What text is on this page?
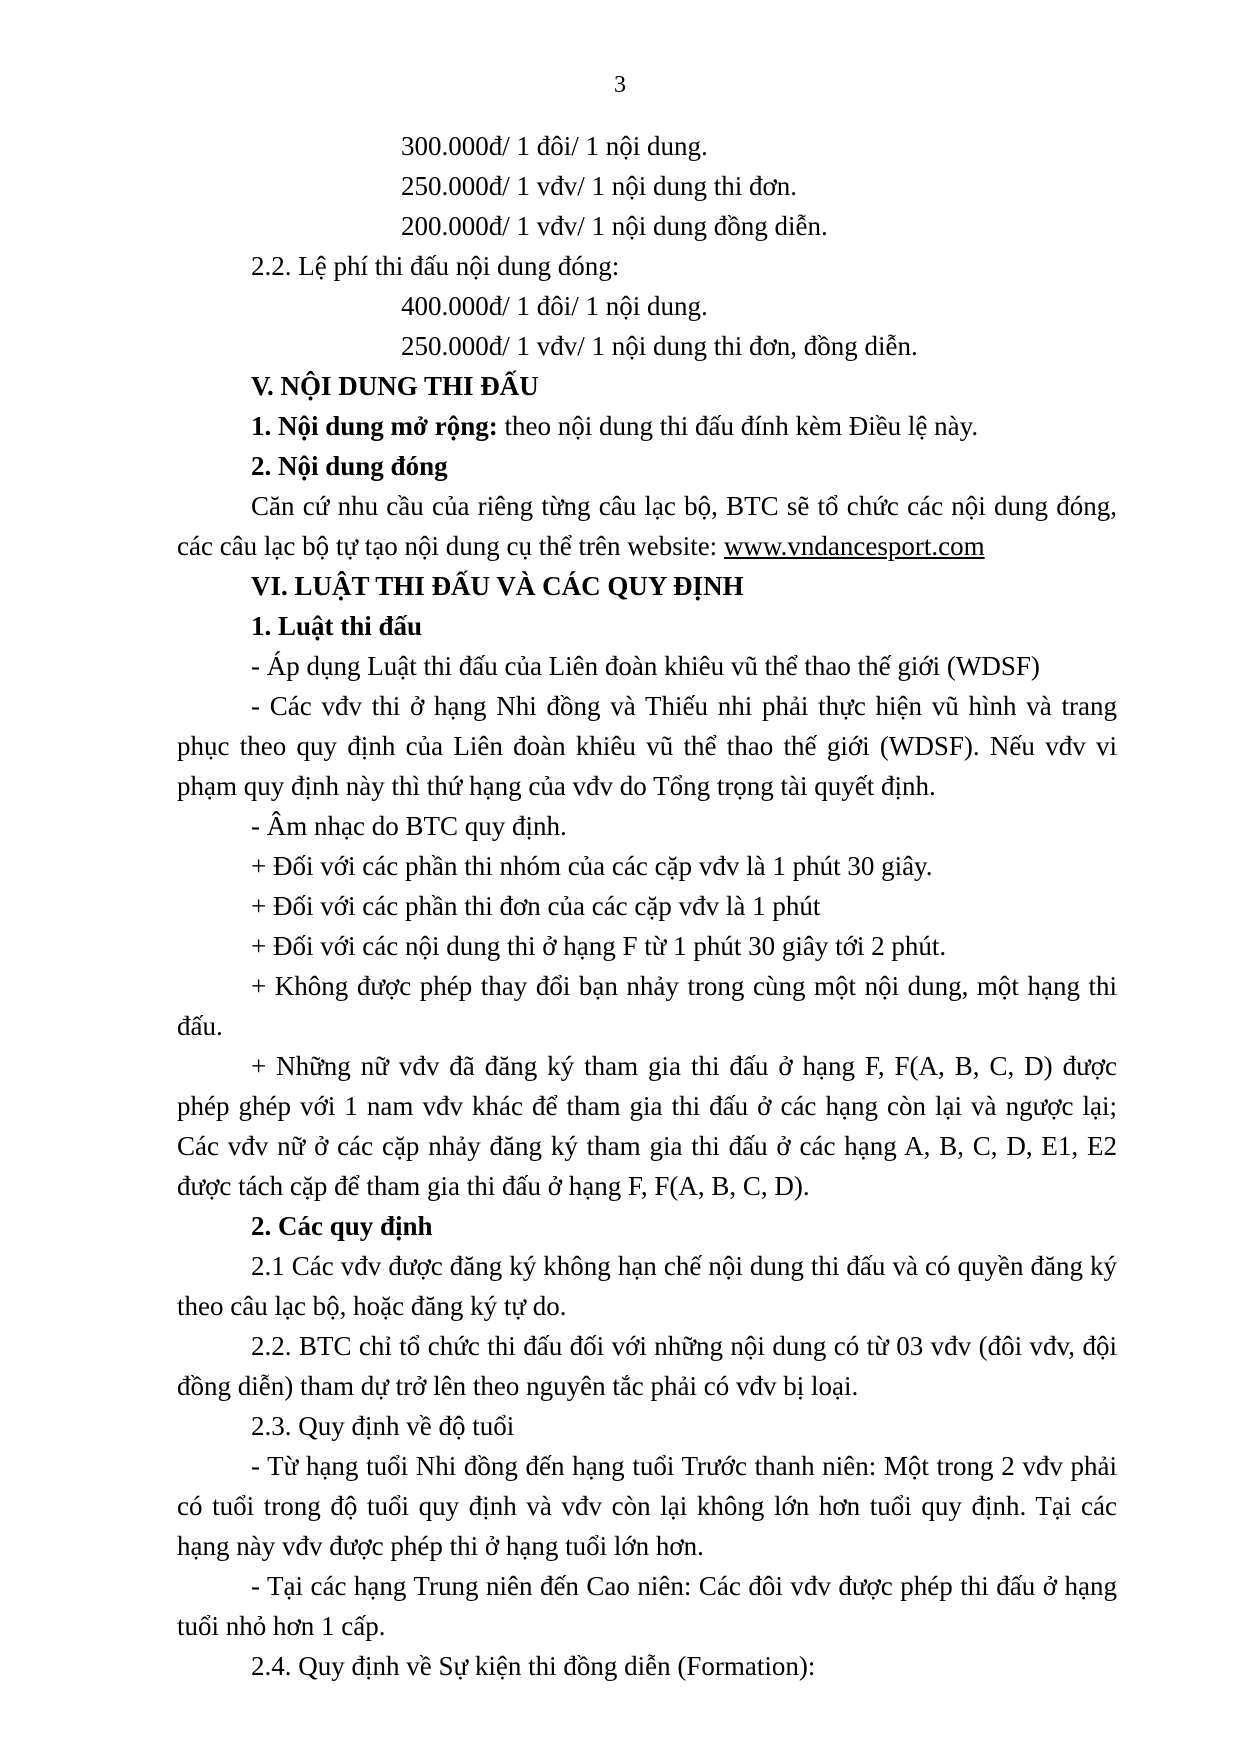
3

300.000đ/ 1 đôi/ 1 nội dung.

250.000đ/ 1 vđv/ 1 nội dung thi đơn.

200.000đ/ 1 vđv/ 1 nội dung đồng diễn.

2.2. Lệ phí thi đấu nội dung đóng:

400.000đ/ 1 đôi/ 1 nội dung.

250.000đ/ 1 vđv/ 1 nội dung thi đơn, đồng diễn.

V. NỘI DUNG THI ĐẤU

1. Nội dung mở rộng: theo nội dung thi đấu đính kèm Điều lệ này.

2. Nội dung đóng

Căn cứ nhu cầu của riêng từng câu lạc bộ, BTC sẽ tổ chức các nội dung đóng, các câu lạc bộ tự tạo nội dung cụ thể trên website: www.vndancesport.com

VI. LUẬT THI ĐẤU VÀ CÁC QUY ĐỊNH

1. Luật thi đấu

- Áp dụng Luật thi đấu của Liên đoàn khiêu vũ thể thao thế giới (WDSF)

- Các vđv thi ở hạng Nhi đồng và Thiếu nhi phải thực hiện vũ hình và trang phục theo quy định của Liên đoàn khiêu vũ thể thao thế giới (WDSF). Nếu vđv vi phạm quy định này thì thứ hạng của vđv do Tổng trọng tài quyết định.

- Âm nhạc do BTC quy định.

+ Đối với các phần thi nhóm của các cặp vđv là 1 phút 30 giây.

+ Đối với các phần thi đơn của các cặp vđv là 1 phút

+ Đối với các nội dung thi ở hạng F từ 1 phút 30 giây tới 2 phút.

+ Không được phép thay đổi bạn nhảy trong cùng một nội dung, một hạng thi đấu.

+ Những nữ vđv đã đăng ký tham gia thi đấu ở hạng F, F(A, B, C, D) được phép ghép với 1 nam vđv khác để tham gia thi đấu ở các hạng còn lại và ngược lại; Các vđv nữ ở các cặp nhảy đăng ký tham gia thi đấu ở các hạng A, B, C, D, E1, E2 được tách cặp để tham gia thi đấu ở hạng F, F(A, B, C, D).

2. Các quy định

2.1 Các vđv được đăng ký không hạn chế nội dung thi đấu và có quyền đăng ký theo câu lạc bộ, hoặc đăng ký tự do.

2.2. BTC chỉ tổ chức thi đấu đối với những nội dung có từ 03 vđv (đôi vđv, đội đồng diễn) tham dự trở lên theo nguyên tắc phải có vđv bị loại.

2.3. Quy định về độ tuổi

- Từ hạng tuổi Nhi đồng đến hạng tuổi Trước thanh niên: Một trong 2 vđv phải có tuổi trong độ tuổi quy định và vđv còn lại không lớn hơn tuổi quy định. Tại các hạng này vđv được phép thi ở hạng tuổi lớn hơn.

- Tại các hạng Trung niên đến Cao niên: Các đôi vđv được phép thi đấu ở hạng tuổi nhỏ hơn 1 cấp.

2.4. Quy định về Sự kiện thi đồng diễn (Formation):
